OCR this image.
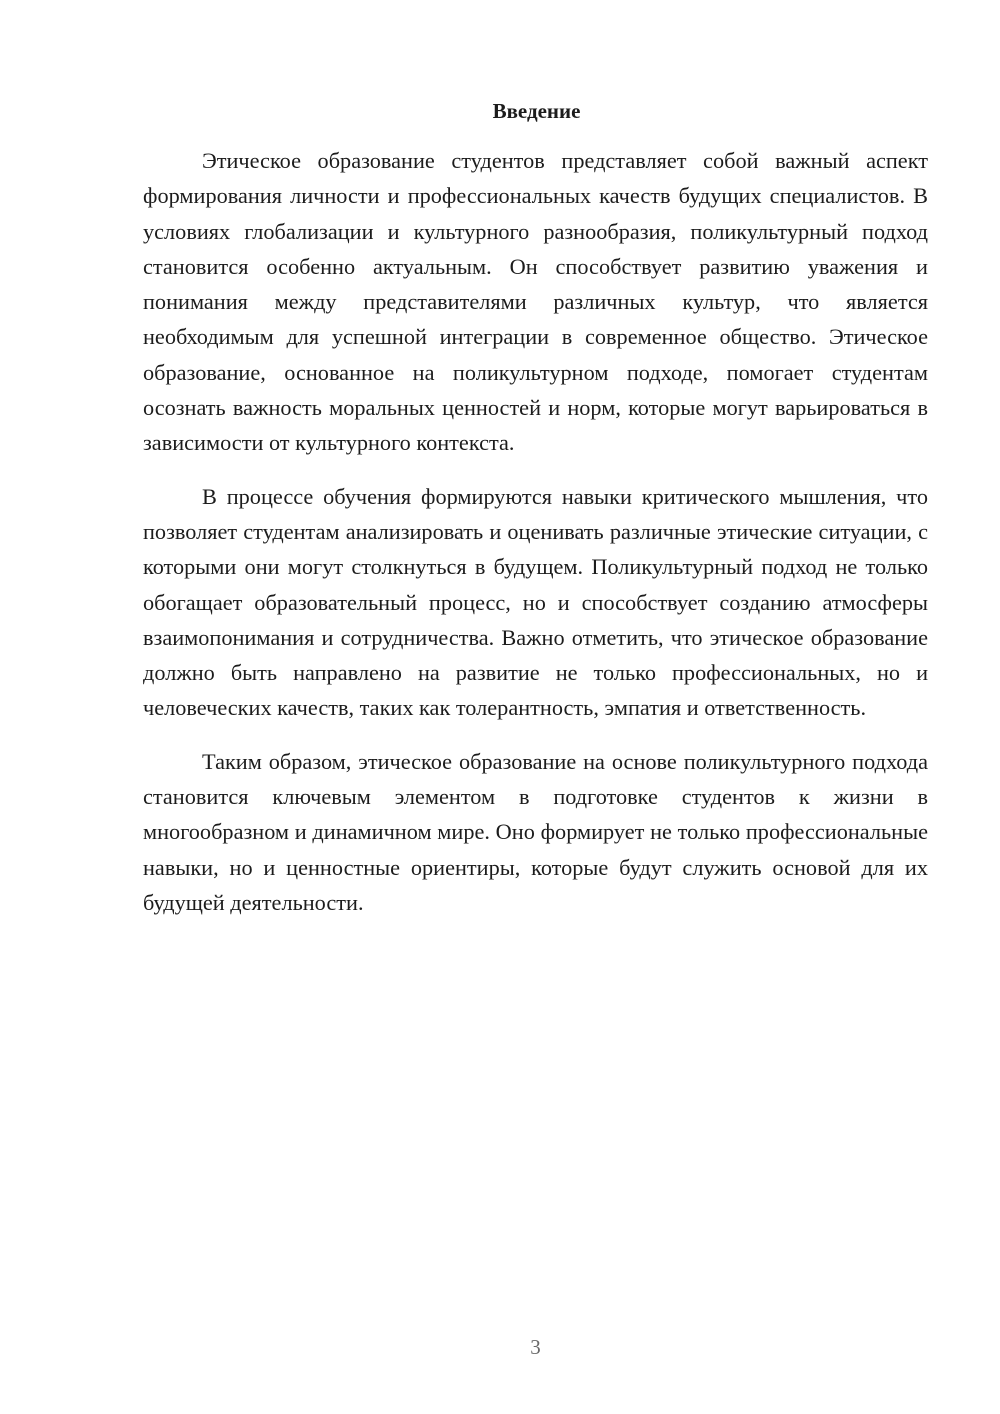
Введение

Этическое образование студентов представляет собой важный аспект формирования личности и профессиональных качеств будущих специалистов. В условиях глобализации и культурного разнообразия, поликультурный подход становится особенно актуальным. Он способствует развитию уважения и понимания между представителями различных культур, что является необходимым для успешной интеграции в современное общество. Этическое образование, основанное на поликультурном подходе, помогает студентам осознать важность моральных ценностей и норм, которые могут варьироваться в зависимости от культурного контекста.

В процессе обучения формируются навыки критического мышления, что позволяет студентам анализировать и оценивать различные этические ситуации, с которыми они могут столкнуться в будущем. Поликультурный подход не только обогащает образовательный процесс, но и способствует созданию атмосферы взаимопонимания и сотрудничества. Важно отметить, что этическое образование должно быть направлено на развитие не только профессиональных, но и человеческих качеств, таких как толерантность, эмпатия и ответственность.

Таким образом, этическое образование на основе поликультурного подхода становится ключевым элементом в подготовке студентов к жизни в многообразном и динамичном мире. Оно формирует не только профессиональные навыки, но и ценностные ориентиры, которые будут служить основой для их будущей деятельности.

3
